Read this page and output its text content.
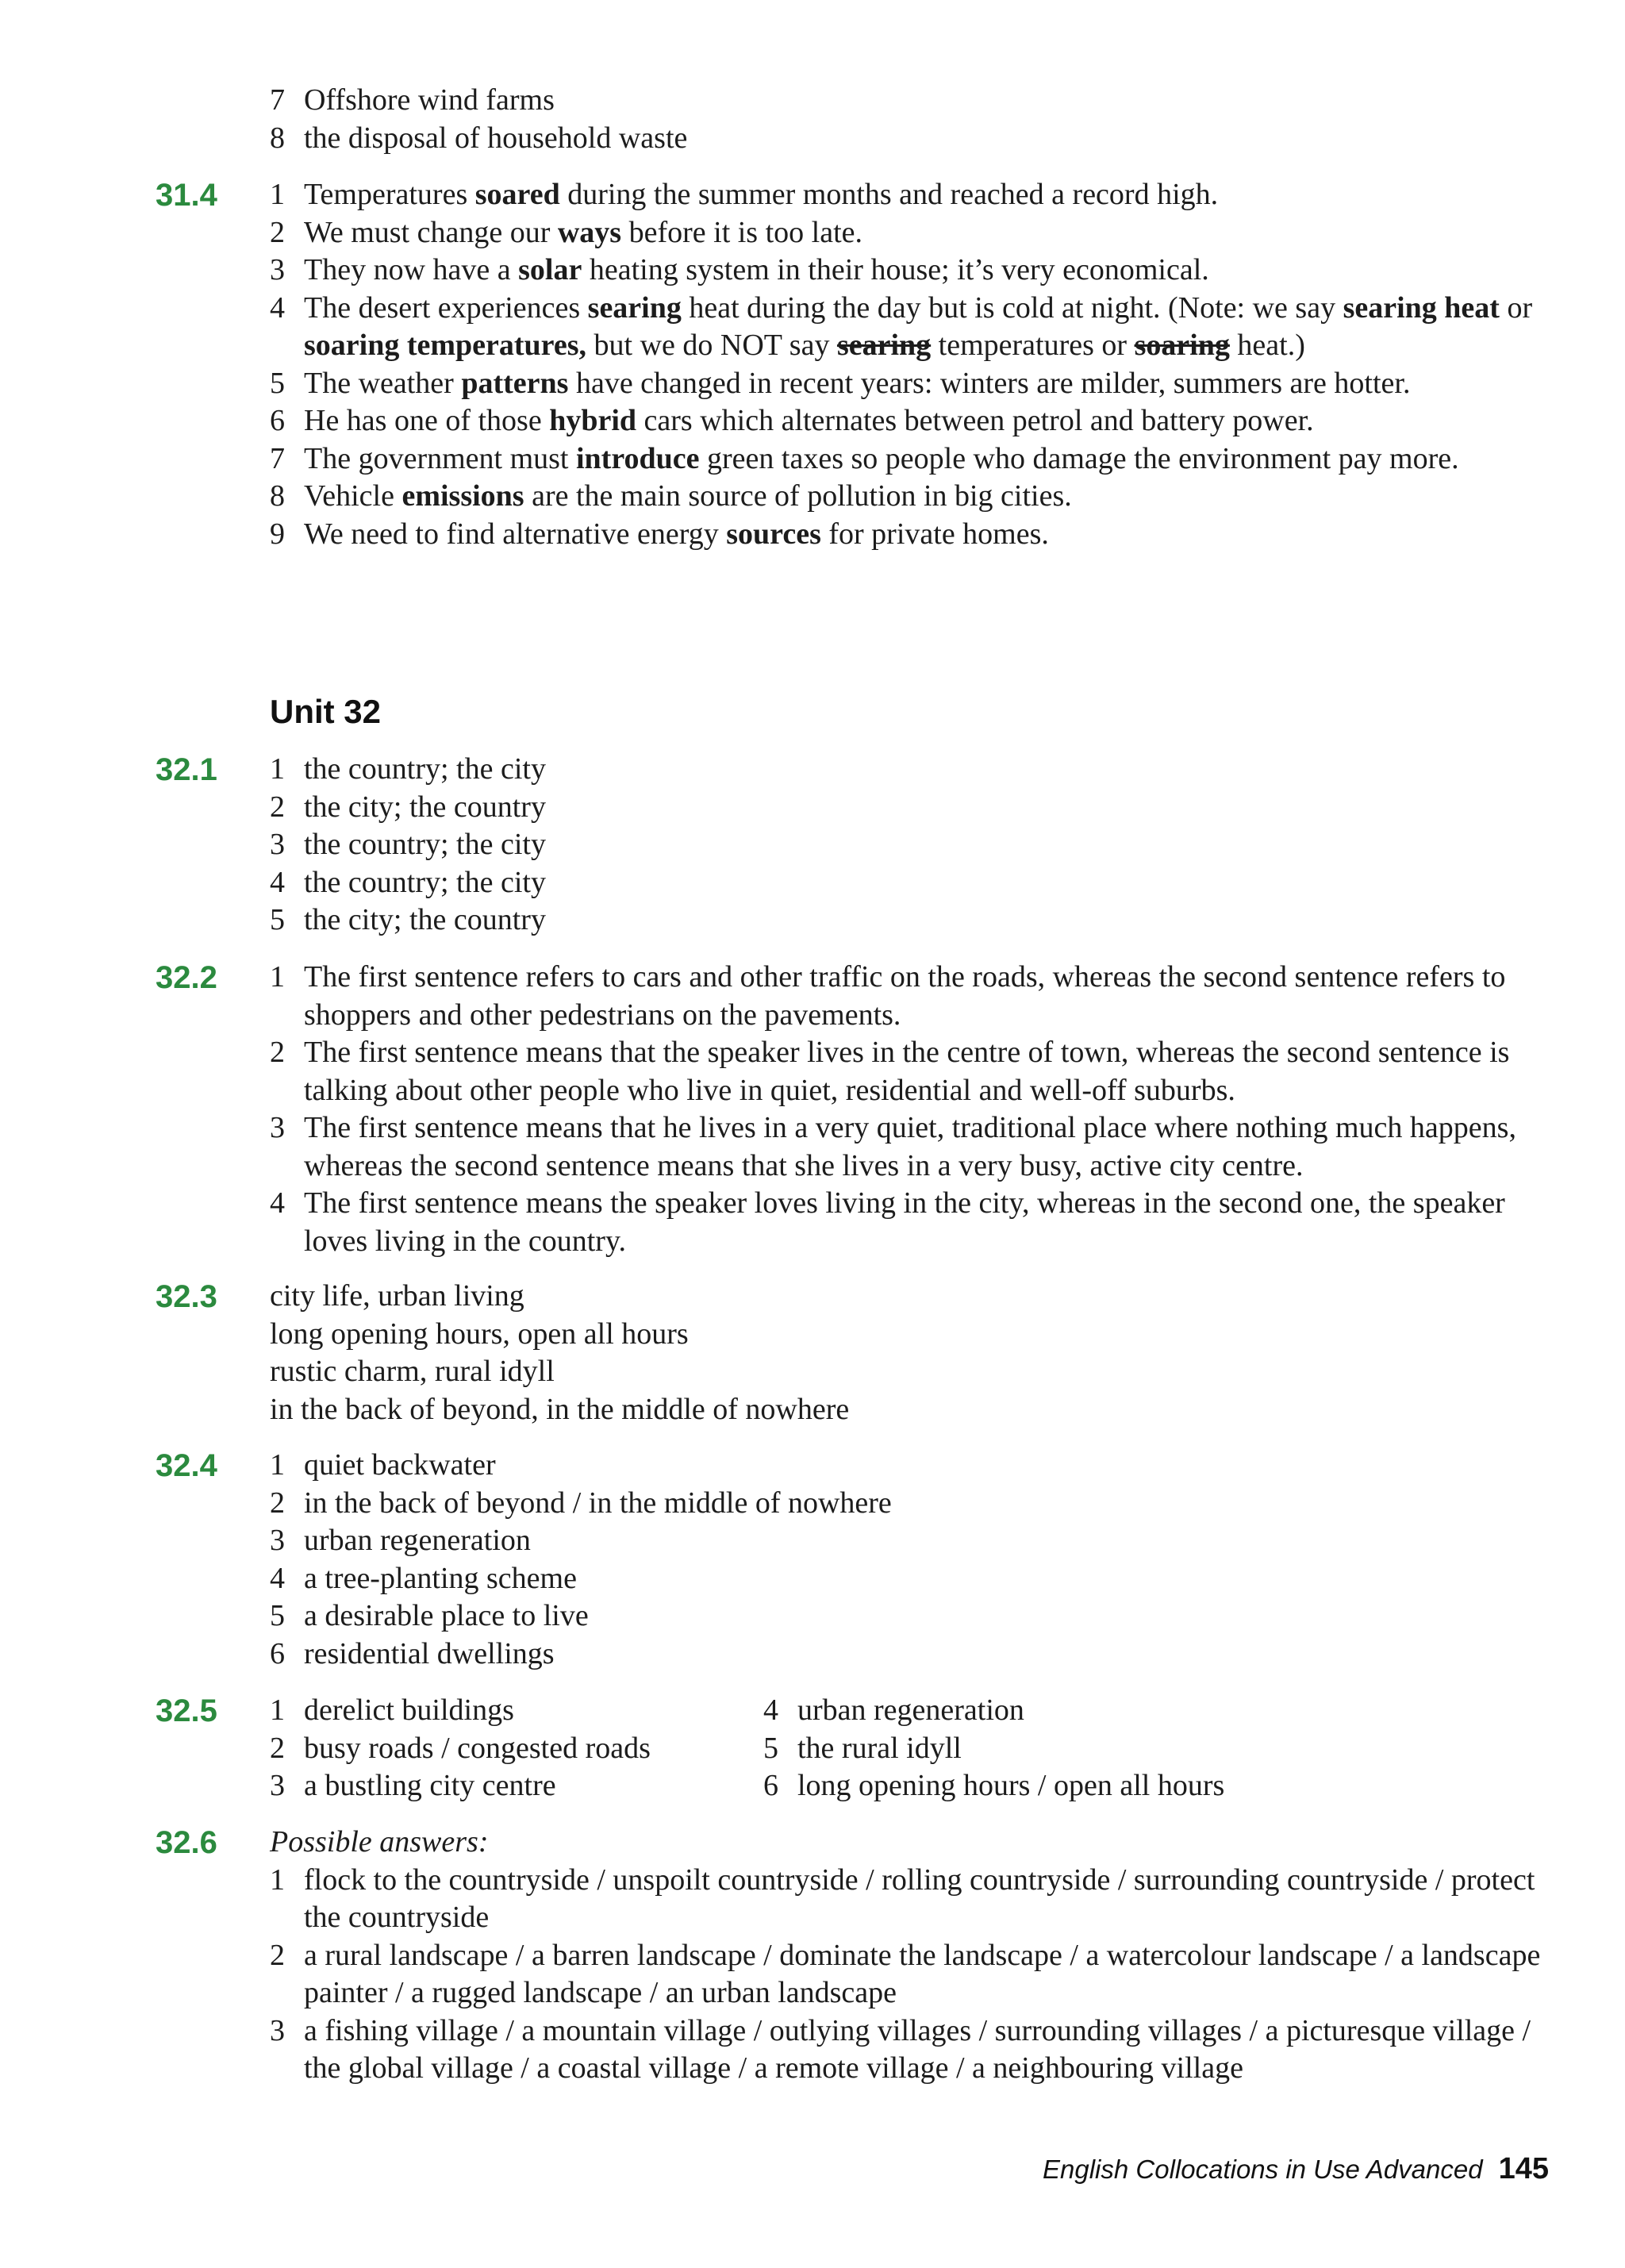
7 Offshore wind farms
8 the disposal of household waste
31.4 1 Temperatures soared during the summer months and reached a record high.
2 We must change our ways before it is too late.
3 They now have a solar heating system in their house; it’s very economical.
4 The desert experiences searing heat during the day but is cold at night. (Note: we say searing heat or soaring temperatures, but we do NOT say searing temperatures or soaring heat.)
5 The weather patterns have changed in recent years: winters are milder, summers are hotter.
6 He has one of those hybrid cars which alternates between petrol and battery power.
7 The government must introduce green taxes so people who damage the environment pay more.
8 Vehicle emissions are the main source of pollution in big cities.
9 We need to find alternative energy sources for private homes.
Unit 32
32.1 1 the country; the city
2 the city; the country
3 the country; the city
4 the country; the city
5 the city; the country
32.2 1 The first sentence refers to cars and other traffic on the roads, whereas the second sentence refers to shoppers and other pedestrians on the pavements.
2 The first sentence means that the speaker lives in the centre of town, whereas the second sentence is talking about other people who live in quiet, residential and well-off suburbs.
3 The first sentence means that he lives in a very quiet, traditional place where nothing much happens, whereas the second sentence means that she lives in a very busy, active city centre.
4 The first sentence means the speaker loves living in the city, whereas in the second one, the speaker loves living in the country.
32.3 city life, urban living
long opening hours, open all hours
rustic charm, rural idyll
in the back of beyond, in the middle of nowhere
32.4 1 quiet backwater
2 in the back of beyond / in the middle of nowhere
3 urban regeneration
4 a tree-planting scheme
5 a desirable place to live
6 residential dwellings
32.5 1 derelict buildings
2 busy roads / congested roads
3 a bustling city centre
4 urban regeneration
5 the rural idyll
6 long opening hours / open all hours
32.6 Possible answers:
1 flock to the countryside / unspoilt countryside / rolling countryside / surrounding countryside / protect the countryside
2 a rural landscape / a barren landscape / dominate the landscape / a watercolour landscape / a landscape painter / a rugged landscape / an urban landscape
3 a fishing village / a mountain village / outlying villages / surrounding villages / a picturesque village / the global village / a coastal village / a remote village / a neighbouring village
English Collocations in Use Advanced 145
